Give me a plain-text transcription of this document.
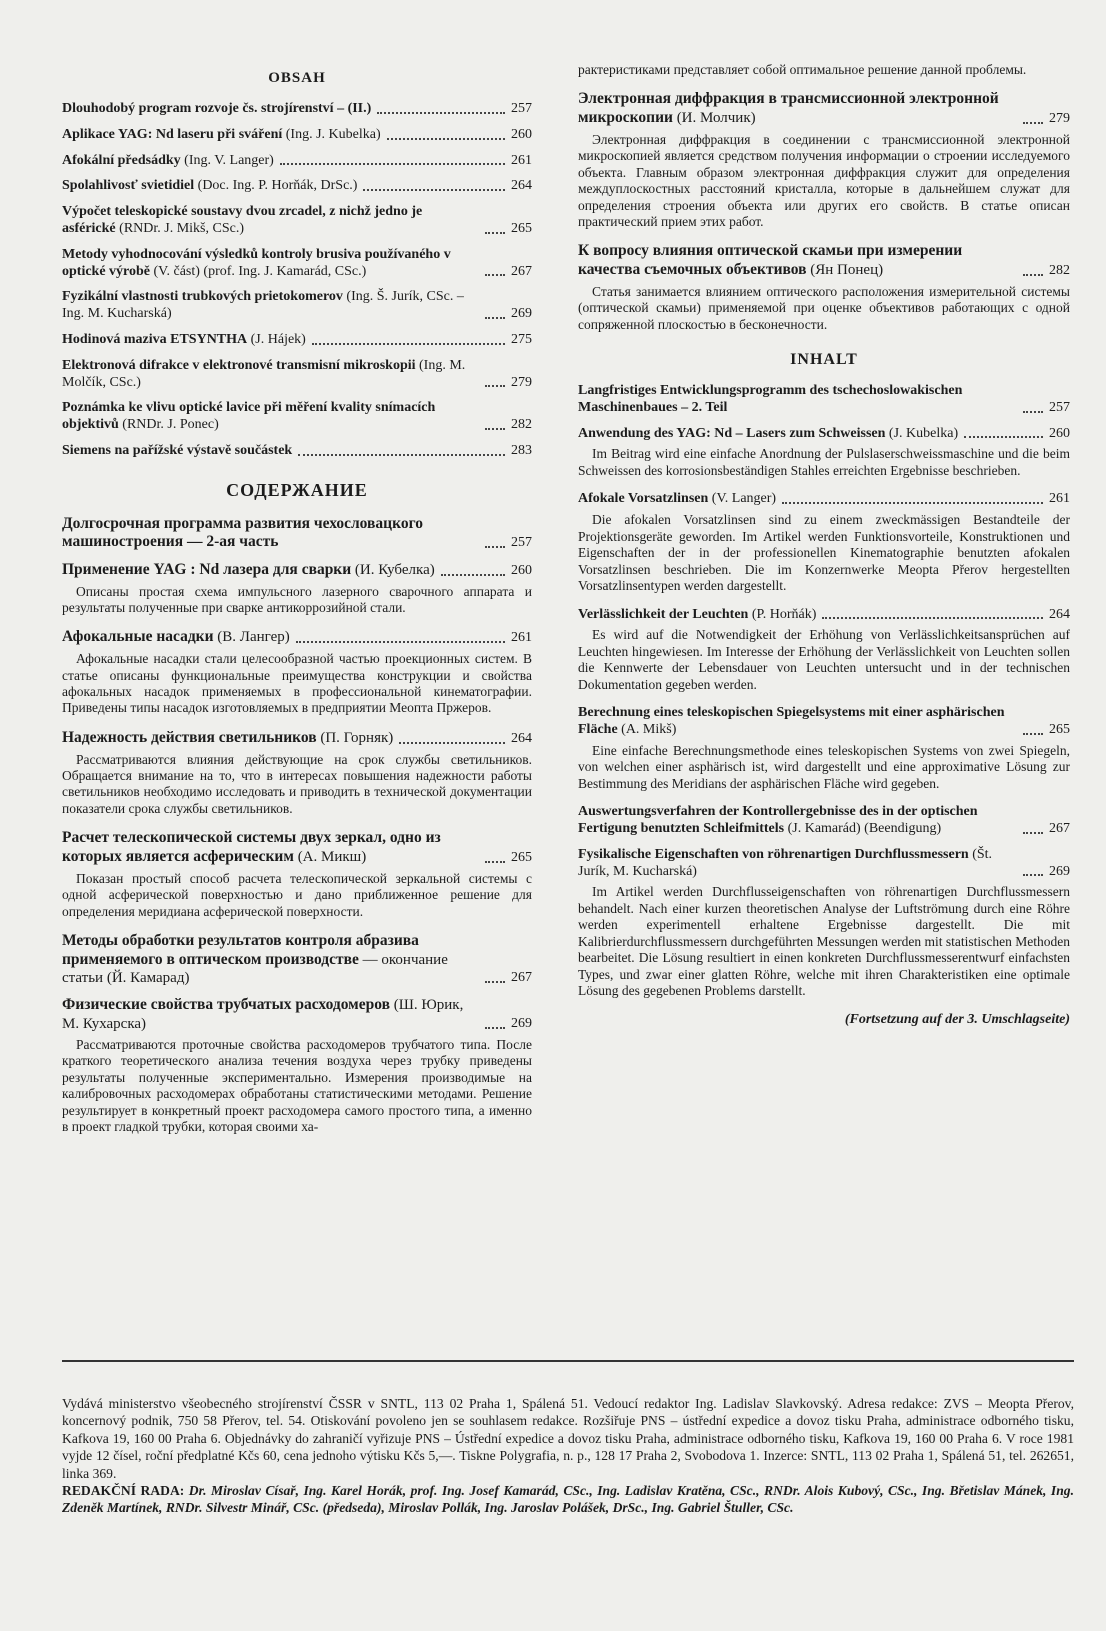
OBSAH
Dlouhodobý program rozvoje čs. strojírenství – (II.)	257
Aplikace YAG: Nd laseru při sváření (Ing. J. Kubelka)	260
Afokální předsádky (Ing. V. Langer)	261
Spolahlivosť svietidiel (Doc. Ing. P. Horňák, DrSc.)	264
Výpočet teleskopické soustavy dvou zrcadel, z nichž jedno je asférické (RNDr. J. Mikš, CSc.)	265
Metody vyhodnocování výsledků kontroly brusiva používaného v optické výrobě (V. část) (prof. Ing. J. Kamarád, CSc.)	267
Fyzikální vlastnosti trubkových prietokomerov (Ing. Š. Jurík, CSc. – Ing. M. Kucharská)	269
Hodinová maziva ETSYNTHA (J. Hájek)	275
Elektronová difrakce v elektronové transmisní mikroskopii (Ing. M. Molčík, CSc.)	279
Poznámka ke vlivu optické lavice při měření kvality snímacích objektivů (RNDr. J. Ponec)	282
Siemens na pařížské výstavě součástek	283
СОДЕРЖАНИЕ
Долгосрочная программа развития чехословацкого машиностроения — 2-ая часть	257
Применение YAG : Nd лазера для сварки (И. Кубелка)	260
Описаны простая схема импульсного лазерного сварочного аппарата и результаты полученные при сварке антикоррозийной стали.
Афокальные насадки (В. Лангер)	261
Афокальные насадки стали целесообразной частью проекционных систем. В статье описаны функциональные преимущества конструкции и свойства афокальных насадок применяемых в профессиональной кинематографии. Приведены типы насадок изготовляемых в предприятии Меопта Пржеров.
Надежность действия светильников (П. Горняк)	264
Рассматриваются влияния действующие на срок службы светильников. Обращается внимание на то, что в интересах повышения надежности работы светильников необходимо исследовать и приводить в технической документации показатели срока службы светильников.
Расчет телескопической системы двух зеркал, одно из которых является асферическим (А. Микш)	265
Показан простый способ расчета телескопической зеркальной системы с одной асферической поверхностью и дано приближенное решение для определения меридиана асферической поверхности.
Методы обработки результатов контроля абразива применяемого в оптическом производстве — окончание статьи (Й. Камарад)	267
Физические свойства трубчатых расходомеров (Ш. Юрик, М. Кухарска)	269
Рассматриваются проточные свойства расходомеров трубчатого типа. После краткого теоретического анализа течения воздуха через трубку приведены результаты полученные экспериментально. Измерения производимые на калибровочных расходомерах обработаны статистическими методами. Решение результирует в конкретный проект расходомера самого простого типа, а именно в проект гладкой трубки, которая своими ха-
рактеристиками представляет собой оптимальное решение данной проблемы.
Электронная диффракция в трансмиссионной электронной микроскопии (И. Молчик)	279
Электронная диффракция в соединении с трансмиссионной электронной микроскопией является средством получения информации о строении исследуемого объекта. Главным образом электронная диффракция служит для определения междуплоскостных расстояний кристалла, которые в дальнейшем служат для определения строения объекта или других его свойств. В статье описан практический прием этих работ.
К вопросу влияния оптической скамьи при измерении качества съемочных объективов (Ян Понец)	282
Статья занимается влиянием оптического расположения измерительной системы (оптической скамьи) применяемой при оценке объективов работающих с одной сопряженной плоскостью в бесконечности.
INHALT
Langfristiges Entwicklungsprogramm des tschechoslowakischen Maschinenbaues – 2. Teil	257
Anwendung des YAG: Nd – Lasers zum Schweissen (J. Kubelka)	260
Im Beitrag wird eine einfache Anordnung der Pulslaserschweissmaschine und die beim Schweissen des korrosionsbeständigen Stahles erreichten Ergebnisse beschrieben.
Afokale Vorsatzlinsen (V. Langer)	261
Die afokalen Vorsatzlinsen sind zu einem zweckmässigen Bestandteile der Projektionsgeräte geworden. Im Artikel werden Funktionsvorteile, Konstruktionen und Eigenschaften der in der professionellen Kinematographie benutzten afokalen Vorsatzlinsen beschrieben. Die im Konzernwerke Meopta Přerov hergestellten Vorsatzlinsentypen werden dargestellt.
Verlässlichkeit der Leuchten (P. Horňák)	264
Es wird auf die Notwendigkeit der Erhöhung von Verlässlichkeitsansprüchen auf Leuchten hingewiesen. Im Interesse der Erhöhung der Verlässlichkeit von Leuchten sollen die Kennwerte der Lebensdauer von Leuchten untersucht und in der technischen Dokumentation gegeben werden.
Berechnung eines teleskopischen Spiegelsystems mit einer asphärischen Fläche (A. Mikš)	265
Eine einfache Berechnungsmethode eines teleskopischen Systems von zwei Spiegeln, von welchen einer asphärisch ist, wird dargestellt und eine approximative Lösung zur Bestimmung des Meridians der asphärischen Fläche wird gegeben.
Auswertungsverfahren der Kontrollergebnisse des in der optischen Fertigung benutzten Schleifmittels (J. Kamarád) (Beendigung)	267
Fysikalische Eigenschaften von röhrenartigen Durchflussmessern (Št. Jurík, M. Kucharská)	269
Im Artikel werden Durchflusseigenschaften von röhrenartigen Durchflussmessern behandelt. Nach einer kurzen theoretischen Analyse der Luftströmung durch eine Röhre werden experimentell erhaltene Ergebnisse dargestellt. Die mit Kalibrierdurchflussmessern durchgeführten Messungen werden mit statistischen Methoden bearbeitet. Die Lösung resultiert in einen konkreten Durchflussmesserentwurf einfachsten Types, und zwar einer glatten Röhre, welche mit ihren Charakteristiken eine optimale Lösung des gegebenen Problems darstellt.
(Fortsetzung auf der 3. Umschlagseite)
Vydává ministerstvo všeobecného strojírenství ČSSR v SNTL, 113 02 Praha 1, Spálená 51. Vedoucí redaktor Ing. Ladislav Slavkovský. Adresa redakce: ZVS – Meopta Přerov, koncernový podnik, 750 58 Přerov, tel. 54. Otiskování povoleno jen se souhlasem redakce. Rozšiřuje PNS – ústřední expedice a dovoz tisku Praha, administrace odborného tisku, Kafkova 19, 160 00 Praha 6. Objednávky do zahraničí vyřizuje PNS – Ústřední expedice a dovoz tisku Praha, administrace odborného tisku, Kafkova 19, 160 00 Praha 6. V roce 1981 vyjde 12 čísel, roční předplatné Kčs 60, cena jednoho výtisku Kčs 5,—. Tiskne Polygrafia, n. p., 128 17 Praha 2, Svobodova 1. Inzerce: SNTL, 113 02 Praha 1, Spálená 51, tel. 262651, linka 369.
REDAKČNÍ RADA: Dr. Miroslav Císař, Ing. Karel Horák, prof. Ing. Josef Kamarád, CSc., Ing. Ladislav Kratěna, CSc., RNDr. Alois Kubový, CSc., Ing. Břetislav Mánek, Ing. Zdeněk Martínek, RNDr. Silvestr Minář, CSc. (předseda), Miroslav Pollák, Ing. Jaroslav Polášek, DrSc., Ing. Gabriel Štuller, CSc.
